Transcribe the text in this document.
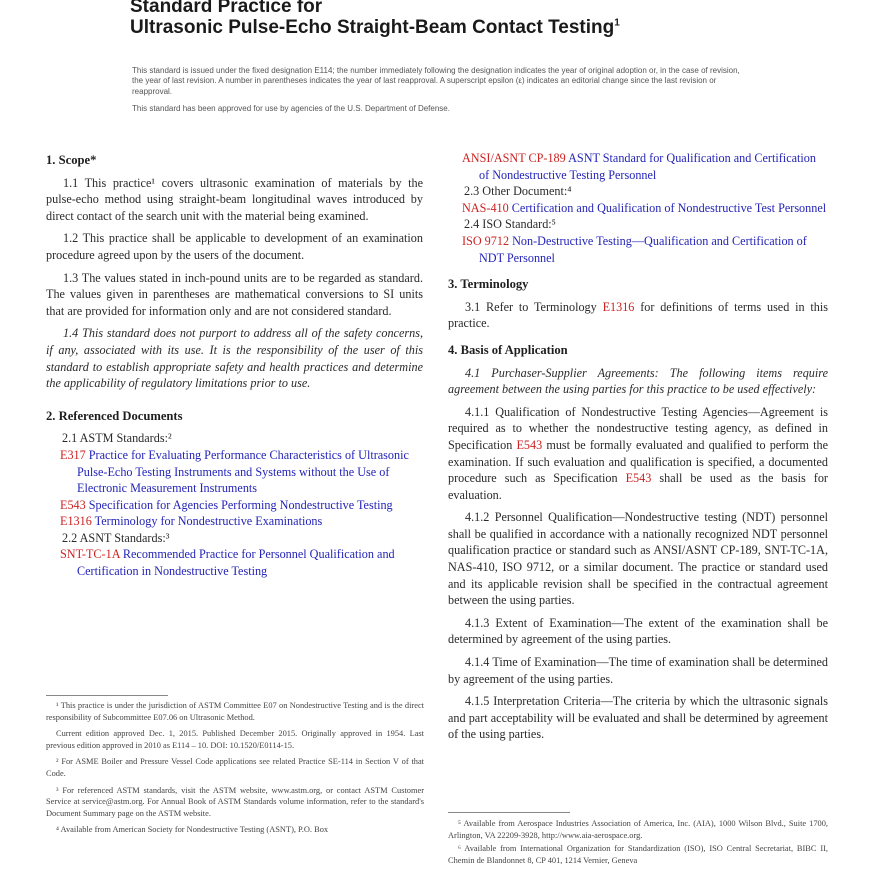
Standard Practice for

Ultrasonic Pulse-Echo Straight-Beam Contact Testing$^1$

This standard is issued under the fixed designation E114; the number immediately following the designation indicates the year of original adoption or, in the case of revision, the year of last revision. A number in parentheses indicates the year of last reapproval. A superscript epsilon (ε) indicates an editorial change since the last revision or reapproval.

This standard has been approved for use by agencies of the U.S. Department of Defense.

1. Scope*

1.1 This practice¹ covers ultrasonic examination of materials by the pulse-echo method using straight-beam longitudinal waves introduced by direct contact of the search unit with the material being examined.

1.2 This practice shall be applicable to development of an examination procedure agreed upon by the users of the document.

1.3 The values stated in inch-pound units are to be regarded as standard. The values given in parentheses are mathematical conversions to SI units that are provided for information only and are not considered standard.

1.4 This standard does not purport to address all of the safety concerns, if any, associated with its use. It is the responsibility of the user of this standard to establish appropriate safety and health practices and determine the applicability of regulatory limitations prior to use.

2. Referenced Documents

2.1 ASTM Standards:²

E317 Practice for Evaluating Performance Characteristics of Ultrasonic Pulse-Echo Testing Instruments and Systems without the Use of Electronic Measurement Instruments

E543 Specification for Agencies Performing Nondestructive Testing

E1316 Terminology for Nondestructive Examinations

2.2 ASNT Standards:³

SNT-TC-1A Recommended Practice for Personnel Qualification and Certification in Nondestructive Testing

¹ This practice is under the jurisdiction of ASTM Committee E07 on Nondestructive Testing and is the direct responsibility of Subcommittee E07.06 on Ultrasonic Method.

Current edition approved Dec. 1, 2015. Published December 2015. Originally approved in 1954. Last previous edition approved in 2010 as E114 – 10. DOI: 10.1520/E0114-15.

² For ASME Boiler and Pressure Vessel Code applications see related Practice SE-114 in Section V of that Code.

³ For referenced ASTM standards, visit the ASTM website, www.astm.org, or contact ASTM Customer Service at service@astm.org. For Annual Book of ASTM Standards volume information, refer to the standard's Document Summary page on the ASTM website.

⁴ Available from American Society for Nondestructive Testing (ASNT), P.O. Box

ANSI/ASNT CP-189 ASNT Standard for Qualification and Certification of Nondestructive Testing Personnel

2.3 Other Document:⁴

NAS-410 Certification and Qualification of Nondestructive Test Personnel

2.4 ISO Standard:⁵

ISO 9712 Non-Destructive Testing—Qualification and Certification of NDT Personnel

3. Terminology

3.1 Refer to Terminology E1316 for definitions of terms used in this practice.

4. Basis of Application

4.1 Purchaser-Supplier Agreements: The following items require agreement between the using parties for this practice to be used effectively:

4.1.1 Qualification of Nondestructive Testing Agencies—Agreement is required as to whether the nondestructive testing agency, as defined in Specification E543 must be formally evaluated and qualified to perform the examination. If such evaluation and qualification is specified, a documented procedure such as Specification E543 shall be used as the basis for evaluation.

4.1.2 Personnel Qualification—Nondestructive testing (NDT) personnel shall be qualified in accordance with a nationally recognized NDT personnel qualification practice or standard such as ANSI/ASNT CP-189, SNT-TC-1A, NAS-410, ISO 9712, or a similar document. The practice or standard used and its applicable revision shall be specified in the contractual agreement between the using parties.

4.1.3 Extent of Examination—The extent of the examination shall be determined by agreement of the using parties.

4.1.4 Time of Examination—The time of examination shall be determined by agreement of the using parties.

4.1.5 Interpretation Criteria—The criteria by which the ultrasonic signals and part acceptability will be evaluated and shall be determined by agreement of the using parties.

⁵ Available from Aerospace Industries Association of America, Inc. (AIA), 1000 Wilson Blvd., Suite 1700, Arlington, VA 22209-3928, http://www.aia-aerospace.org.

⁶ Available from International Organization for Standardization (ISO), ISO Central Secretariat, BIBC II, Chemin de Blandonnet 8, CP 401, 1214 Vernier, Geneva
